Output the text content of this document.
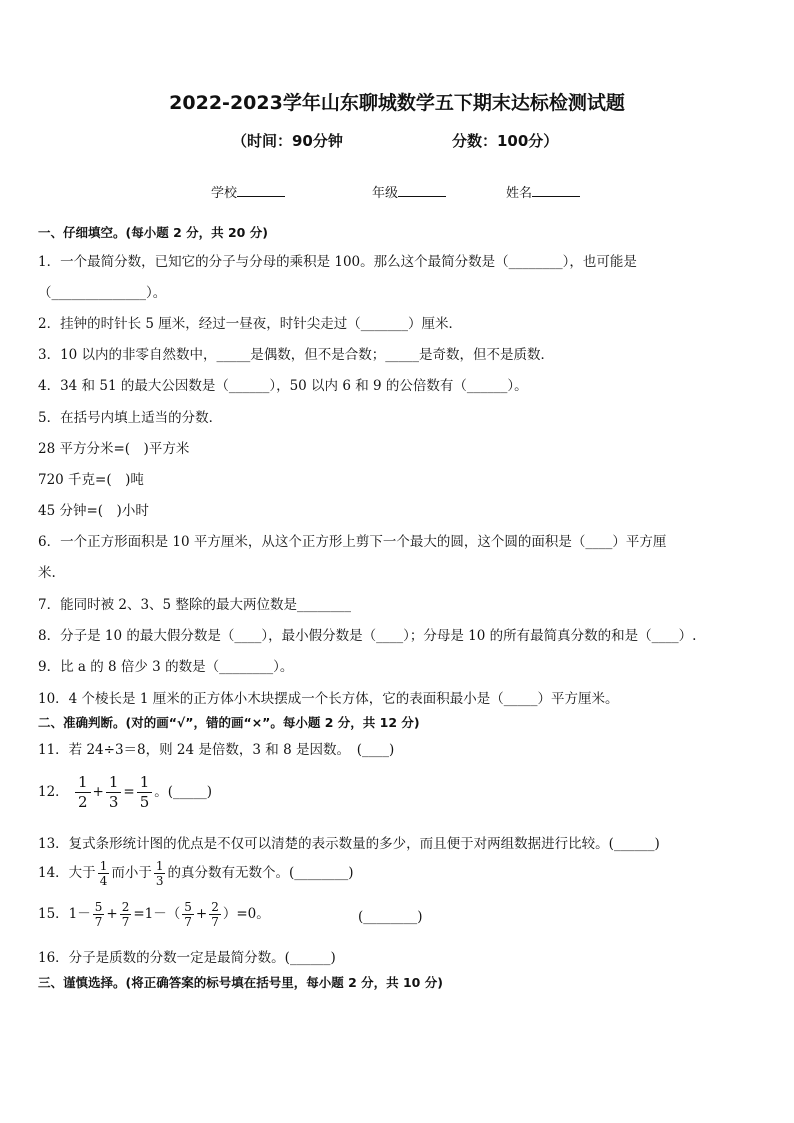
2022-2023学年山东聊城数学五下期末达标检测试题
（时间：90分钟	分数：100分）
学校	年级	姓名
一、仔细填空。(每小题 2 分，共 20 分)
1．一个最简分数，已知它的分子与分母的乘积是 100。那么这个最简分数是（________），也可能是
（______________）。
2．挂钟的时针长 5 厘米，经过一昼夜，时针尖走过（_______）厘米．
3．10 以内的非零自然数中，_____是偶数，但不是合数；_____是奇数，但不是质数．
4．34 和 51 的最大公因数是（______），50 以内 6 和 9 的公倍数有（______）。
5．在括号内填上适当的分数．
28 平方分米=(　)平方米
720 千克=(　)吨
45 分钟=(　)小时
6．一个正方形面积是 10 平方厘米，从这个正方形上剪下一个最大的圆，这个圆的面积是（____）平方厘
米.
7．能同时被 2、3、5 整除的最大两位数是________
8．分子是 10 的最大假分数是（____），最小假分数是（____）；分母是 10 的所有最简真分数的和是（____）.
9．比 a 的 8 倍少 3 的数是（________）。
10．4 个棱长是 1 厘米的正方体小木块摆成一个长方体，它的表面积最小是（_____）平方厘米。
二、准确判断。(对的画“√”，错的画“×”。每小题 2 分，共 12 分)
11．若 24÷3＝8，则 24 是倍数，3 和 8 是因数。　(____)
12． $\frac{1}{2} + \frac{1}{3} = \frac{1}{5}$ 。(_____)
13．复式条形统计图的优点是不仅可以清楚的表示数量的多少，而且便于对两组数据进行比较。(______)
14．大于 $\frac{1}{4}$ 而小于 $\frac{1}{3}$ 的真分数有无数个。(________)
15．$1- \frac{5}{7} + \frac{2}{7} =1-( \frac{5}{7} + \frac{2}{7} )=0$。	(________)
16．分子是质数的分数一定是最简分数。(______)
三、谨慎选择。(将正确答案的标号填在括号里，每小题 2 分，共 10 分)
